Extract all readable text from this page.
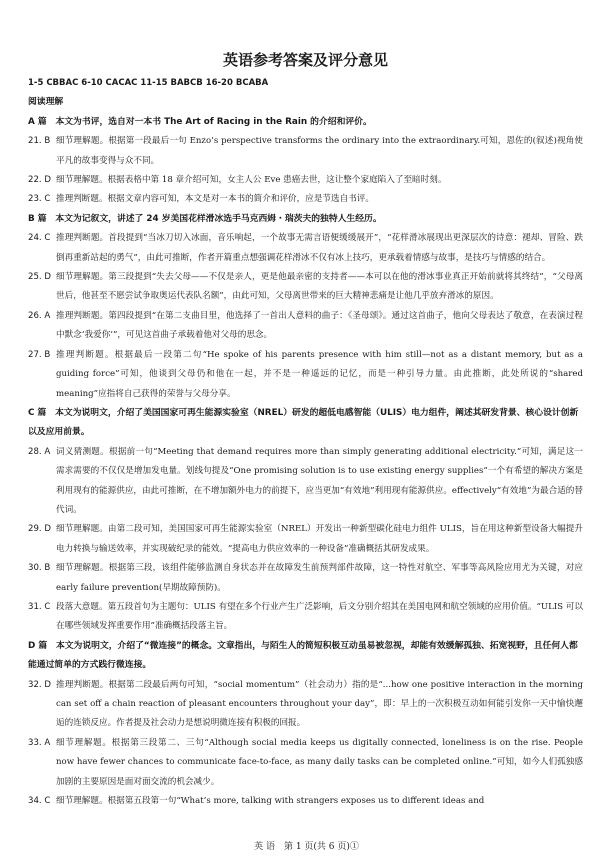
英语参考答案及评分意见
1-5 CBBAC 6-10 CACAC 11-15 BABCB 16-20 BCABA
阅读理解
A 篇　本文为书评，选自对一本书 The Art of Racing in the Rain 的介绍和评价。
21. B 细节理解题。根据第一段最后一句 Enzo’s perspective transforms the ordinary into the extraordinary.可知，恩佐的(叙述)视角使平凡的故事变得与众不同。
22. D 细节理解题。根据表格中第 18 章介绍可知，女主人公 Eve 患癌去世，这让整个家庭陷入了至暗时刻。
23. C 推理判断题。根据文章内容可知，本文是对一本书的简介和评价，应是节选自书评。
B 篇　本文为记叙文，讲述了 24 岁美国花样滑冰选手马克西姆・瑞茨夫的独特人生经历。
24. C 推理判断题。首段提到“当冰刀切入冰面，音乐响起，一个故事无需言语便缓缓展开”，“花样滑冰展现出更深层次的诗意：褪却、冒险、跌倒再重新站起的勇气”，由此可推断，作者开篇重点想强调花样滑冰不仅有冰上技巧，更承载着情感与故事，是技巧与情感的结合。
25. D 细节理解题。第三段提到“失去父母——不仅是亲人，更是他最亲密的支持者——本可以在他的滑冰事业真正开始前就将其终结”，“父母离世后，他甚至不愿尝试争取奥运代表队名额”，由此可知，父母离世带来的巨大精神悲痛是让他几乎放弃滑冰的原因。
26. A 推理判断题。第四段提到“在第二支曲目里，他选择了一首出人意料的曲子：《圣母颂》。通过这首曲子，他向父母表达了敬意，在表演过程中默念‘我爱你’”，可见这首曲子承载着他对父母的思念。
27. B 推理判断题。根据最后一段第二句“He spoke of his parents presence with him still—not as a distant memory, but as a guiding force”可知，他谈到父母仍和他在一起，并不是一种遥远的记忆，而是一种引导力量。由此推断，此处所说的“shared meaning”应指将自己获得的荣誉与父母分享。
C 篇　本文为说明文，介绍了美国国家可再生能源实验室（NREL）研发的超低电感智能（ULIS）电力组件，阐述其研发背景、核心设计创新以及应用前景。
28. A 词义猜测题。根据前一句“Meeting that demand requires more than simply generating additional electricity.”可知，满足这一需求需要的不仅仅是增加发电量。划线句提及“One promising solution is to use existing energy supplies”一个有希望的解决方案是利用现有的能源供应，由此可推断，在不增加额外电力的前提下，应当更加“有效地”利用现有能源供应。effectively“有效地”为最合适的替代词。
29. D 细节理解题。由第二段可知，美国国家可再生能源实验室（NREL）开发出一种新型碳化硅电力组件 ULIS，旨在用这种新型设备大幅提升电力转换与输送效率，并实现破纪录的能效。“提高电力供应效率的一种设备”准确概括其研发成果。
30. B 细节理解题。根据第三段，该组件能够监测自身状态并在故障发生前预判部件故障，这一特性对航空、军事等高风险应用尤为关键，对应 early failure prevention(早期故障预防)。
31. C 段落大意题。第五段首句为主题句：ULIS 有望在多个行业产生广泛影响，后文分别介绍其在美国电网和航空领域的应用价值。“ULIS 可以在哪些领域发挥重要作用”准确概括段落主旨。
D 篇　本文为说明文，介绍了“微连接”的概念。文章指出，与陌生人的简短积极互动虽易被忽视，却能有效缓解孤独、拓宽视野，且任何人都能通过简单的方式践行微连接。
32. D 推理判断题。根据第二段最后两句可知，“social momentum”（社会动力）指的是“...how one positive interaction in the morning can set off a chain reaction of pleasant encounters throughout your day”，即：早上的一次积极互动如何能引发你一天中愉快邂逅的连锁反应。作者提及社会动力是想说明微连接有积极的回报。
33. A 细节理解题。根据第三段第二、三句“Although social media keeps us digitally connected, loneliness is on the rise. People now have fewer chances to communicate face-to-face, as many daily tasks can be completed online.”可知，如今人们孤独感加剧的主要原因是面对面交流的机会减少。
34. C 细节理解题。根据第五段第一句“What’s more, talking with strangers exposes us to different ideas and
英 语　第 1 页(共 6 页)①
